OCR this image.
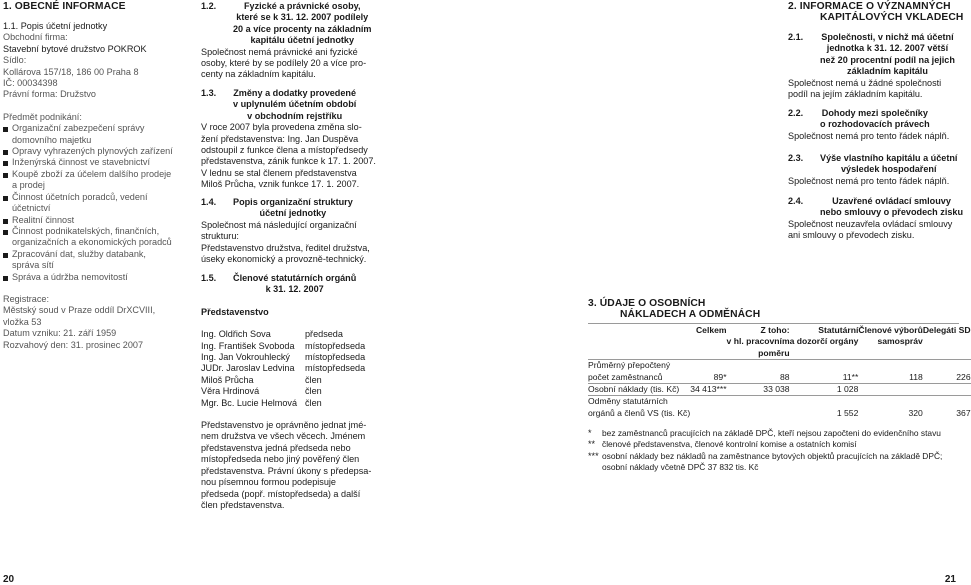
1. OBECNÉ INFORMACE
1.1. Popis účetní jednotky
Obchodní firma:
Stavební bytové družstvo POKROK
Sídlo:
Kollárova 157/18, 186 00 Praha 8
IČ: 00034398
Právní forma: Družstvo
Předmět podnikání:
Organizační zabezpečení správy
domovního majetku
Opravy vyhrazených plynových zařízení
Inženýrská činnost ve stavebnictví
Koupě zboží za účelem dalšího prodeje
a prodej
Činnost účetních poradců, vedení
účetnictví
Realitní činnost
Činnost podnikatelských, finančních,
organizačních a ekonomických poradců
Zpracování dat, služby databank,
správa sítí
Správa a údržba nemovitostí
Registrace:
Městský soud v Praze oddíl DrXCVIII,
vložka 53
Datum vzniku: 21. září 1959
Rozvahový den: 31. prosinec 2007
1.2.	Fyzické a právnické osoby,
které se k 31. 12. 2007 podílely
20 a více procenty na základním
kapitálu účetní jednotky
Společnost nemá právnické ani fyzické
osoby, které by se podílely 20 a více pro-
centy na základním kapitálu.
1.3.	Změny a dodatky provedené
v uplynulém účetním období
v obchodním rejstříku
V roce 2007 byla provedena změna slo-
žení představenstva: Ing. Jan Duspěva
odstoupil z funkce člena a místopředsedy
představenstva, zánik funkce k 17. 1. 2007.
V lednu se stal členem představenstva
Miloš Průcha, vznik funkce 17. 1. 2007.
1.4.	Popis organizační struktury
účetní jednotky
Společnost má následující organizační
strukturu:
Představenstvo družstva, ředitel družstva,
úseky ekonomický a provozně-technický.
1.5.	Členové statutárních orgánů
k 31. 12. 2007
Představenstvo
Ing. Oldřich Sova	předseda
Ing. František Svoboda	místopředseda
Ing. Jan Vokrouhlecký	místopředseda
JUDr. Jaroslav Ledvina	místopředseda
Miloš Průcha	člen
Věra Hrdinová	člen
Mgr. Bc. Lucie Helmová člen
Představenstvo je oprávněno jednat jmé-
nem družstva ve všech věcech. Jménem
představenstva jedná předseda nebo
místopředseda nebo jiný pověřený člen
představenstva. Právní úkony s předepsa-
nou písemnou formou podepisuje
předseda (popř. místopředseda) a další
člen představenstva.
2. INFORMACE O VÝZNAMNÝCH
KAPITÁLOVÝCH VKLADECH
2.1.	Společnosti, v nichž má účetní
jednotka k 31. 12. 2007 větší
než 20 procentní podíl na jejich
základním kapitálu
Společnost nemá u žádné společnosti
podíl na jejím základním kapitálu.
2.2.	Dohody mezi společníky
o rozhodovacích právech
Společnost nemá pro tento řádek náplň.
2.3.	Výše vlastního kapitálu a účetní
výsledek hospodaření
Společnost nemá pro tento řádek náplň.
2.4.	Uzavřené ovládací smlouvy
nebo smlouvy o převodech zisku
Společnost neuzavřela ovládací smlouvy
ani smlouvy o převodech zisku.
3. ÚDAJE O OSOBNÍCH
NÁKLADECH A ODMĚNÁCH
	Celkem	Z toho:	Statutární	Členové výborů	Delegáti SD
		v hl. pracovním	a dozorčí orgány	samospráv	
		poměru			
Průměrný přepočtený					
počet zaměstnanců	89*	88	11**	118	226
Osobní náklady (tis. Kč)	34 413***	33 038	1 028		
Odměny statutárních					
orgánů a členů VS (tis. Kč)			1 552	320	367
*	bez zaměstnanců pracujících na základě DPČ, kteří nejsou započteni do evidenčního stavu
** členové představenstva, členové kontrolní komise a ostatních komisí
*** osobní náklady bez nákladů na zaměstnance bytových objektů pracujících na základě DPČ;
osobní náklady včetně DPČ 37 832 tis. Kč
20	21
